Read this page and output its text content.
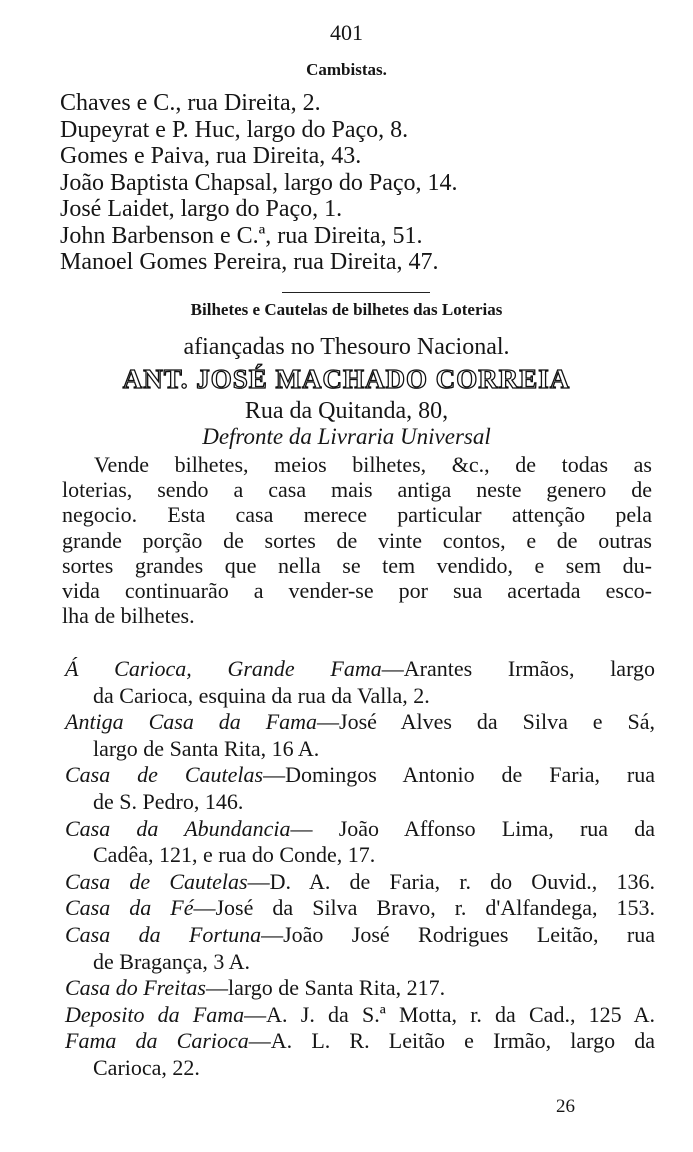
401
Cambistas.
Chaves e C., rua Direita, 2.
Dupeyrat e P. Huc, largo do Paço, 8.
Gomes e Paiva, rua Direita, 43.
João Baptista Chapsal, largo do Paço, 14.
José Laidet, largo do Paço, 1.
John Barbenson e C.ª, rua Direita, 51.
Manoel Gomes Pereira, rua Direita, 47.
Bilhetes e Cautelas de bilhetes das Loterias
afiançadas no Thesouro Nacional.
ANT. JOSÉ MACHADO CORREIA
Rua da Quitanda, 80,
Defronte da Livraria Universal
Vende bilhetes, meios bilhetes, &c., de todas as
loterias, sendo a casa mais antiga neste genero de
negocio. Esta casa merece particular attenção pela
grande porção de sortes de vinte contos, e de outras
sortes grandes que nella se tem vendido, e sem du-
vida continuarão a vender-se por sua acertada esco-
lha de bilhetes.
Á Carioca, Grande Fama—Arantes Irmãos, largo
da Carioca, esquina da rua da Valla, 2.
Antiga Casa da Fama—José Alves da Silva e Sá,
largo de Santa Rita, 16 A.
Casa de Cautelas—Domingos Antonio de Faria, rua
de S. Pedro, 146.
Casa da Abundancia— João Affonso Lima, rua da
Cadêa, 121, e rua do Conde, 17.
Casa de Cautelas—D. A. de Faria, r. do Ouvid., 136.
Casa da Fé—José da Silva Bravo, r. d'Alfandega, 153.
Casa da Fortuna—João José Rodrigues Leitão, rua
de Bragança, 3 A.
Casa do Freitas—largo de Santa Rita, 217.
Deposito da Fama—A. J. da S.ª Motta, r. da Cad., 125 A.
Fama da Carioca—A. L. R. Leitão e Irmão, largo da
Carioca, 22.
26
